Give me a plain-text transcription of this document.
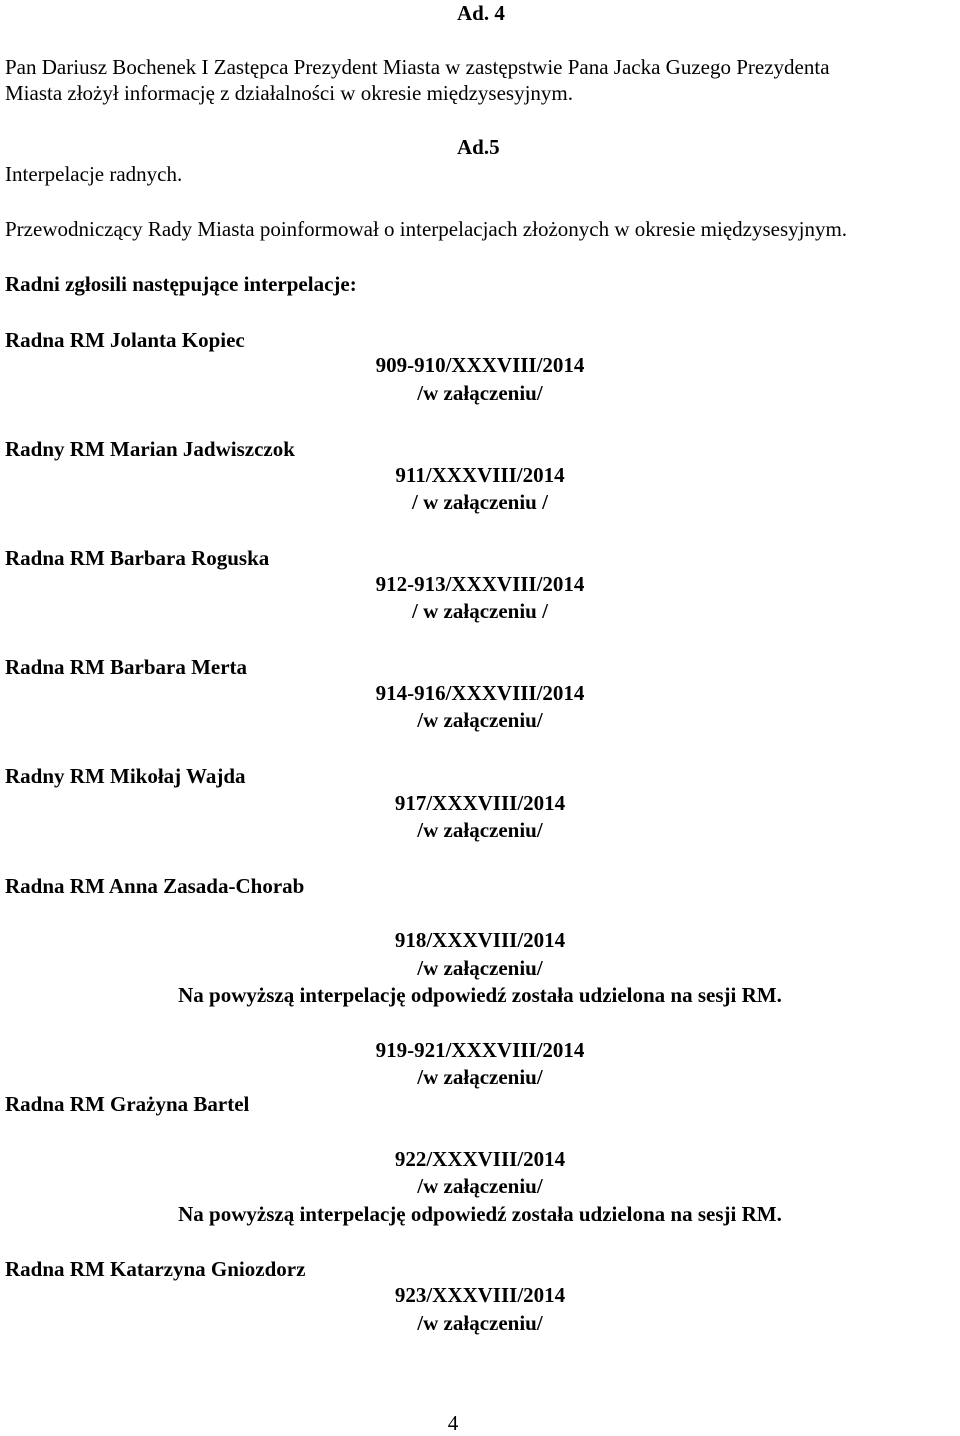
Ad. 4
Pan Dariusz Bochenek I Zastępca Prezydent Miasta w zastępstwie Pana Jacka Guzego Prezydenta
Miasta złożył informację z działalności w okresie międzysesyjnym.
Ad.5
Interpelacje radnych.
Przewodniczący Rady Miasta poinformował o interpelacjach złożonych w okresie międzysesyjnym.
Radni zgłosili następujące interpelacje:
Radna RM Jolanta Kopiec
909-910/XXXVIII/2014
/w załączeniu/
Radny RM Marian Jadwiszczok
911/XXXVIII/2014
/ w załączeniu /
Radna RM Barbara Roguska
912-913/XXXVIII/2014
/ w załączeniu /
Radna RM Barbara Merta
914-916/XXXVIII/2014
/w załączeniu/
Radny RM Mikołaj Wajda
917/XXXVIII/2014
/w załączeniu/
Radna RM Anna Zasada-Chorab
918/XXXVIII/2014
/w załączeniu/
Na powyższą interpelację odpowiedź została udzielona na sesji RM.
919-921/XXXVIII/2014
/w załączeniu/
Radna RM Grażyna Bartel
922/XXXVIII/2014
/w załączeniu/
Na powyższą interpelację odpowiedź została udzielona na sesji RM.
Radna RM Katarzyna Gniozdorz
923/XXXVIII/2014
/w załączeniu/
4
